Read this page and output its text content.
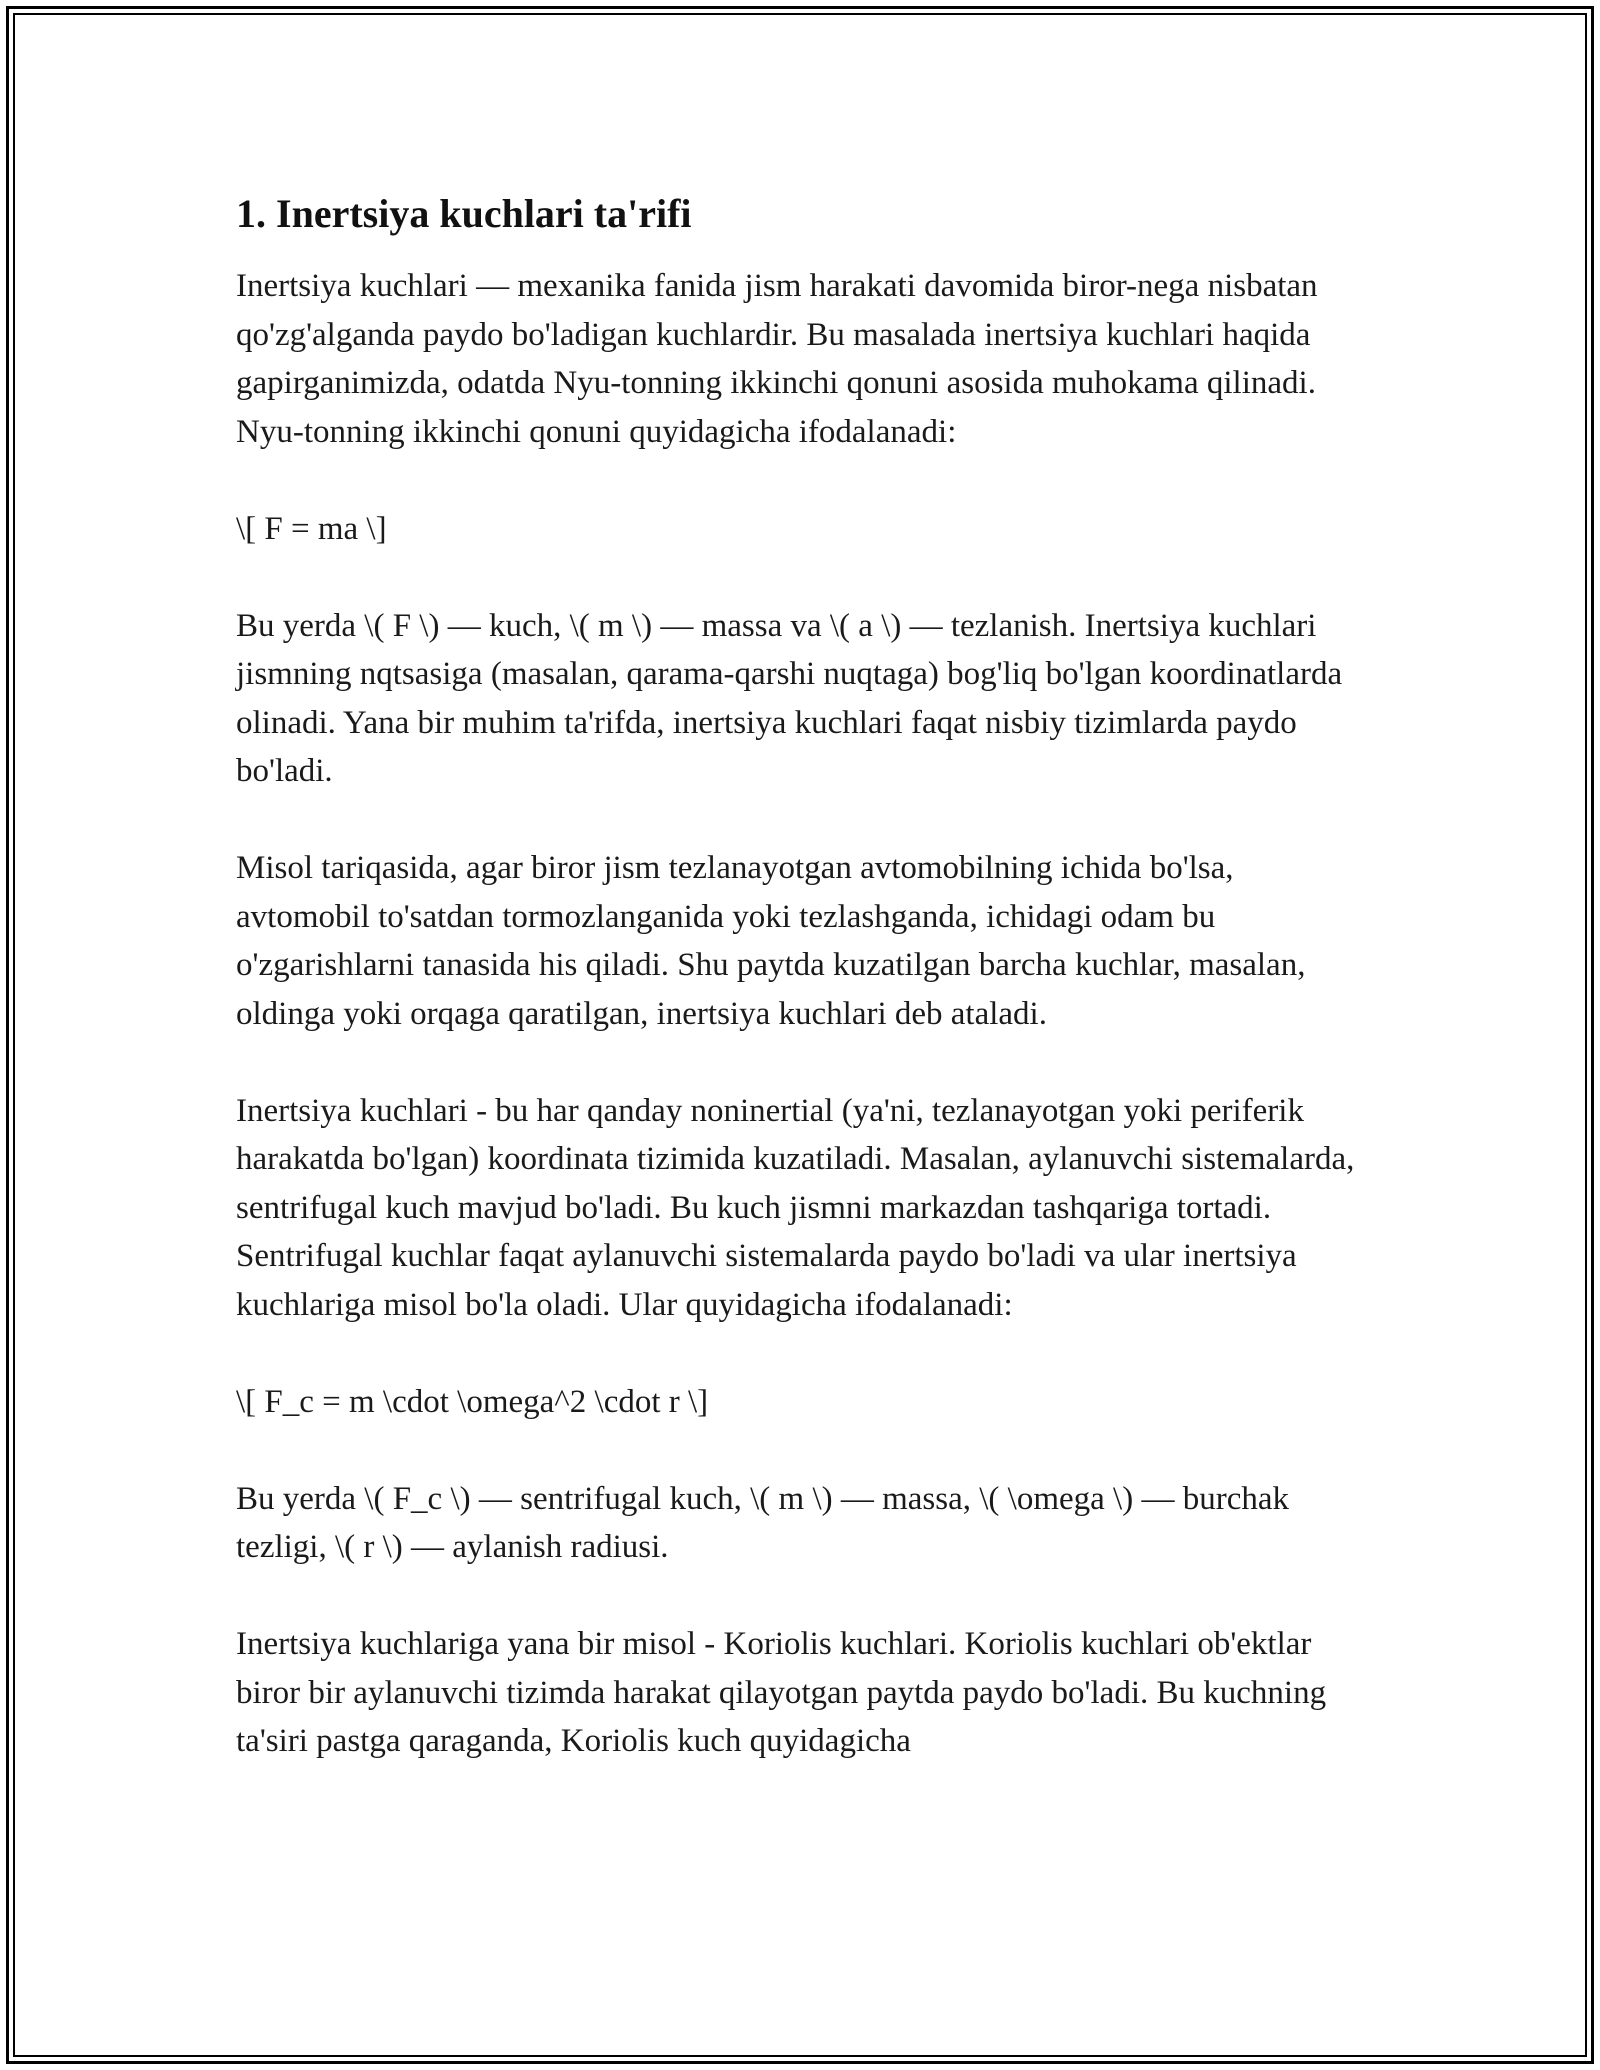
1. Inertsiya kuchlari ta'rifi

Inertsiya kuchlari — mexanika fanida jism harakati davomida biror-nega nisbatan qo'zg'alganda paydo bo'ladigan kuchlardir. Bu masalada inertsiya kuchlari haqida gapirganimizda, odatda Nyu-tonning ikkinchi qonuni asosida muhokama qilinadi. Nyu-tonning ikkinchi qonuni quyidagicha ifodalanadi:

\[ F = ma \]

Bu yerda \( F \) — kuch, \( m \) — massa va \( a \) — tezlanish. Inertsiya kuchlari jismning nqtsasiga (masalan, qarama-qarshi nuqtaga) bog'liq bo'lgan koordinatlarda olinadi. Yana bir muhim ta'rifda, inertsiya kuchlari faqat nisbiy tizimlarda paydo bo'ladi.

Misol tariqasida, agar biror jism tezlanayotgan avtomobilning ichida bo'lsa, avtomobil to'satdan tormozlanganida yoki tezlashganda, ichidagi odam bu o'zgarishlarni tanasida his qiladi. Shu paytda kuzatilgan barcha kuchlar, masalan, oldinga yoki orqaga qaratilgan, inertsiya kuchlari deb ataladi.

Inertsiya kuchlari - bu har qanday noninertial (ya'ni, tezlanayotgan yoki periferik harakatda bo'lgan) koordinata tizimida kuzatiladi. Masalan, aylanuvchi sistemalarda, sentrifugal kuch mavjud bo'ladi. Bu kuch jismni markazdan tashqariga tortadi. Sentrifugal kuchlar faqat aylanuvchi sistemalarda paydo bo'ladi va ular inertsiya kuchlariga misol bo'la oladi. Ular quyidagicha ifodalanadi:

\[ F_c = m \cdot \omega^2 \cdot r \]

Bu yerda \( F_c \) — sentrifugal kuch, \( m \) — massa, \( \omega \) — burchak tezligi, \( r \) — aylanish radiusi.

Inertsiya kuchlariga yana bir misol - Koriolis kuchlari. Koriolis kuchlari ob'ektlar biror bir aylanuvchi tizimda harakat qilayotgan paytda paydo bo'ladi. Bu kuchning ta'siri pastga qaraganda, Koriolis kuch quyidagicha
